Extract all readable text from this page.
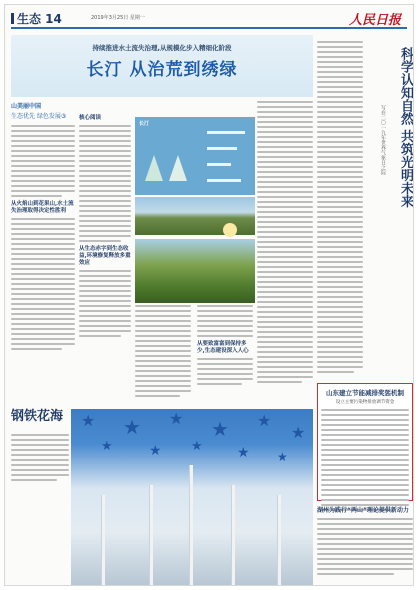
生态 14	2019年3月25日 星期一	人民日报
持续推进水土流失治理,从规模化步入精细化阶段
长汀 从治荒到绣绿
山美丽中国
生态优先 绿色发展③
从火焰山到花果山,水土流失治理取得决定性胜利
核心阅读
从生态赤字到生态收益,环境修复释放多重效应
长汀
从要致富富到保持多少,生态建设深入人心
科学认知自然 共筑光明未来
写在二〇一九年世界气象日之际
山东建立节能减排奖惩机制
设立主要污染物排放调节资金
湖州为践行“两山”理论提供新动力
钢铁花海	★ ★ ★ ★ ★
★
★	★ ★ ★ ★
